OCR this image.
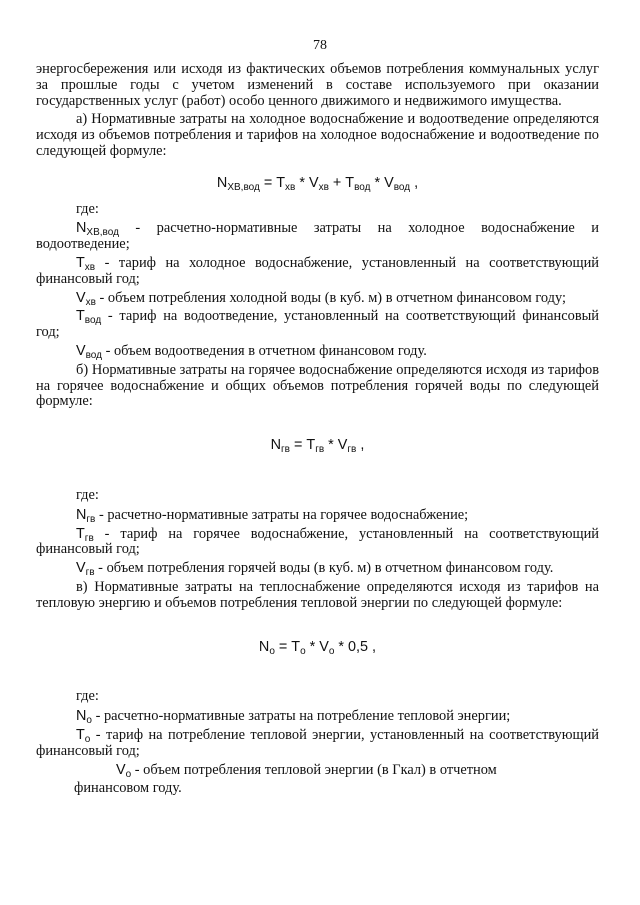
78

энергосбережения или исходя из фактических объемов потребления коммунальных услуг за прошлые годы с учетом изменений в составе используемого при оказании государственных услуг (работ) особо ценного движимого и недвижимого имущества.

а) Нормативные затраты на холодное водоснабжение и водоотведение определяются исходя из объемов потребления и тарифов на холодное водоснабжение и водоотведение по следующей формуле:

$N_{ХВ,вод} = T_{хв} * V_{хв} + T_{вод} * V_{вод}$ ,

где:

$N_{ХВ,вод}$ - расчетно-нормативные затраты на холодное водоснабжение и водоотведение;

$T_{хв}$ - тариф на холодное водоснабжение, установленный на соответствующий финансовый год;

$V_{хв}$ - объем потребления холодной воды (в куб. м) в отчетном финансовом году;

$T_{вод}$ - тариф на водоотведение, установленный на соответствующий финансовый год;

$V_{вод}$ - объем водоотведения в отчетном финансовом году.

б) Нормативные затраты на горячее водоснабжение определяются исходя из тарифов на горячее водоснабжение и общих объемов потребления горячей воды по следующей формуле:

$N_{гв} = T_{гв} * V_{гв}$ ,

где:

$N_{гв}$ - расчетно-нормативные затраты на горячее водоснабжение;

$T_{гв}$ - тариф на горячее водоснабжение, установленный на соответствующий финансовый год;

$V_{гв}$ - объем потребления горячей воды (в куб. м) в отчетном финансовом году.

в) Нормативные затраты на теплоснабжение определяются исходя из тарифов на тепловую энергию и объемов потребления тепловой энергии по следующей формуле:

$N_о = T_о * V_о * 0,5$ ,

где:

$N_о$ - расчетно-нормативные затраты на потребление тепловой энергии;

$T_о$ - тариф на потребление тепловой энергии, установленный на соответствующий финансовый год;

$V_о$ - объем потребления тепловой энергии (в Гкал) в отчетном

финансовом году.
